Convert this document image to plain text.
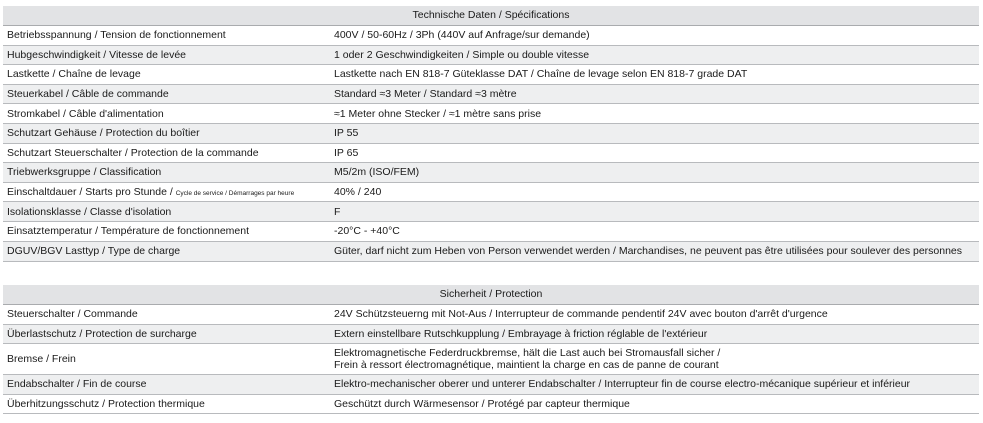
Technische Daten / Spécifications
Betriebsspannung / Tension de fonctionnement	400V / 50-60Hz / 3Ph (440V auf Anfrage/sur demande)
Hubgeschwindigkeit / Vitesse de levée	1 oder 2 Geschwindigkeiten / Simple ou double vitesse
Lastkette / Chaîne de levage	Lastkette nach EN 818-7 Güteklasse DAT / Chaîne de levage selon EN 818-7 grade DAT
Steuerkabel / Câble de commande	Standard ≈3 Meter / Standard ≈3 mètre
Stromkabel / Câble d'alimentation	≈1 Meter ohne Stecker / ≈1 mètre sans prise
Schutzart Gehäuse / Protection du boîtier	IP 55
Schutzart Steuerschalter / Protection de la commande	IP 65
Triebwerksgruppe / Classification	M5/2m (ISO/FEM)
Einschaltdauer / Starts pro Stunde / Cycle de service / Démarrages par heure	40% / 240
Isolationsklasse / Classe d'isolation	F
Einsatztemperatur / Température de fonctionnement	-20°C - +40°C
DGUV/BGV Lasttyp / Type de charge	Güter, darf nicht zum Heben von Person verwendet werden / Marchandises, ne peuvent pas être utilisées pour soulever des personnes
Sicherheit / Protection
Steuerschalter / Commande	24V Schützsteuerng mit Not-Aus / Interrupteur de commande pendentif 24V avec bouton d'arrêt d'urgence
Überlastschutz / Protection de surcharge	Extern einstellbare Rutschkupplung / Embrayage à friction réglable de l'extérieur
Bremse / Frein	Elektromagnetische Federdruckbremse, hält die Last auch bei Stromausfall sicher /
Frein à ressort électromagnétique, maintient la charge en cas de panne de courant
Endabschalter / Fin de course	Elektro-mechanischer oberer und unterer Endabschalter / Interrupteur fin de course electro-mécanique supérieur et inférieur
Überhitzungsschutz / Protection thermique	Geschützt durch Wärmesensor / Protégé par capteur thermique
